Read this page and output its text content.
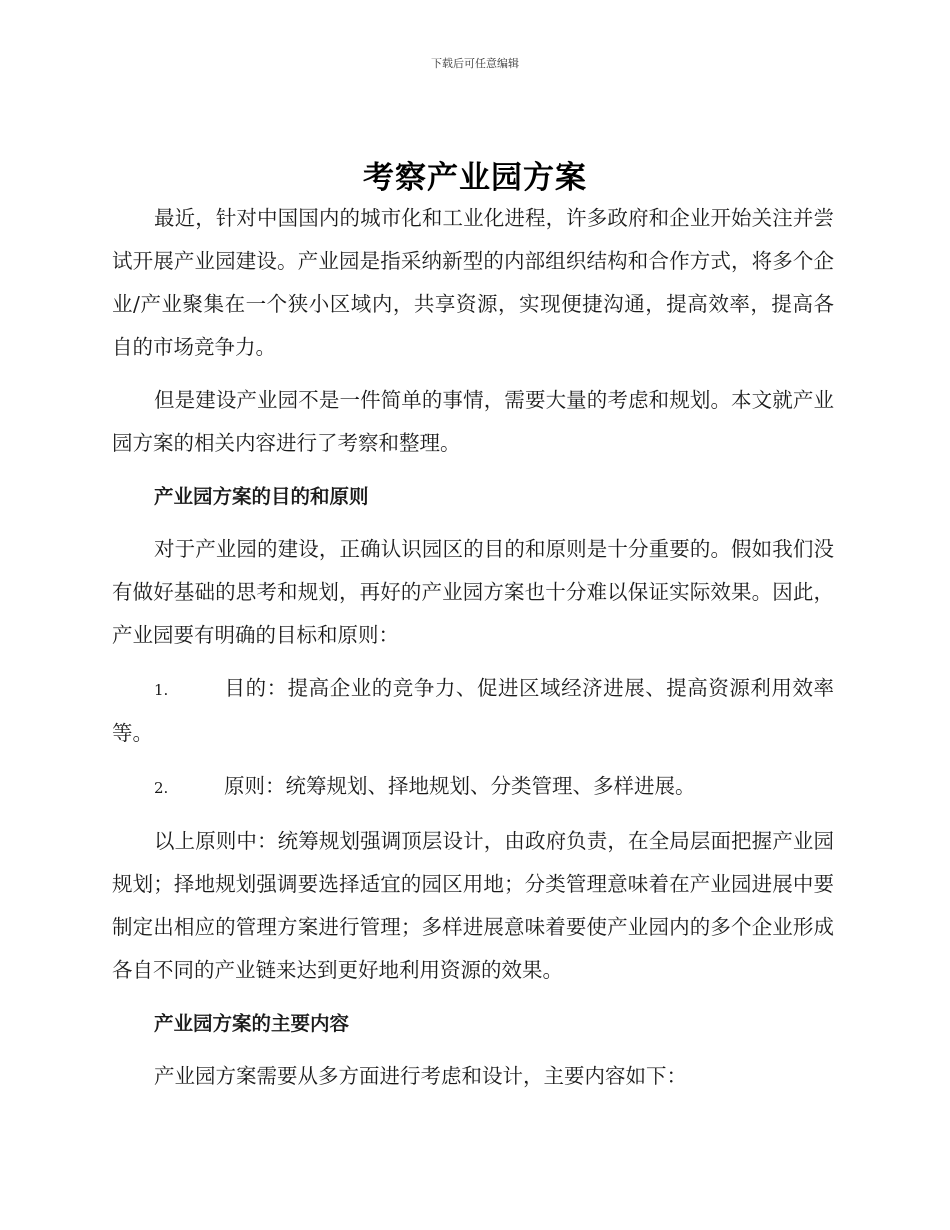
下载后可任意编辑
考察产业园方案

最近，针对中国国内的城市化和工业化进程，许多政府和企业开始关注并尝试开展产业园建设。产业园是指采纳新型的内部组织结构和合作方式，将多个企业/产业聚集在一个狭小区域内，共享资源，实现便捷沟通，提高效率，提高各自的市场竞争力。

但是建设产业园不是一件简单的事情，需要大量的考虑和规划。本文就产业园方案的相关内容进行了考察和整理。

产业园方案的目的和原则

对于产业园的建设，正确认识园区的目的和原则是十分重要的。假如我们没有做好基础的思考和规划，再好的产业园方案也十分难以保证实际效果。因此，产业园要有明确的目标和原则：

1.	目的：提高企业的竞争力、促进区域经济进展、提高资源利用效率等。

2.	原则：统筹规划、择地规划、分类管理、多样进展。

以上原则中：统筹规划强调顶层设计，由政府负责，在全局层面把握产业园规划；择地规划强调要选择适宜的园区用地；分类管理意味着在产业园进展中要制定出相应的管理方案进行管理；多样进展意味着要使产业园内的多个企业形成各自不同的产业链来达到更好地利用资源的效果。

产业园方案的主要内容

产业园方案需要从多方面进行考虑和设计，主要内容如下：
